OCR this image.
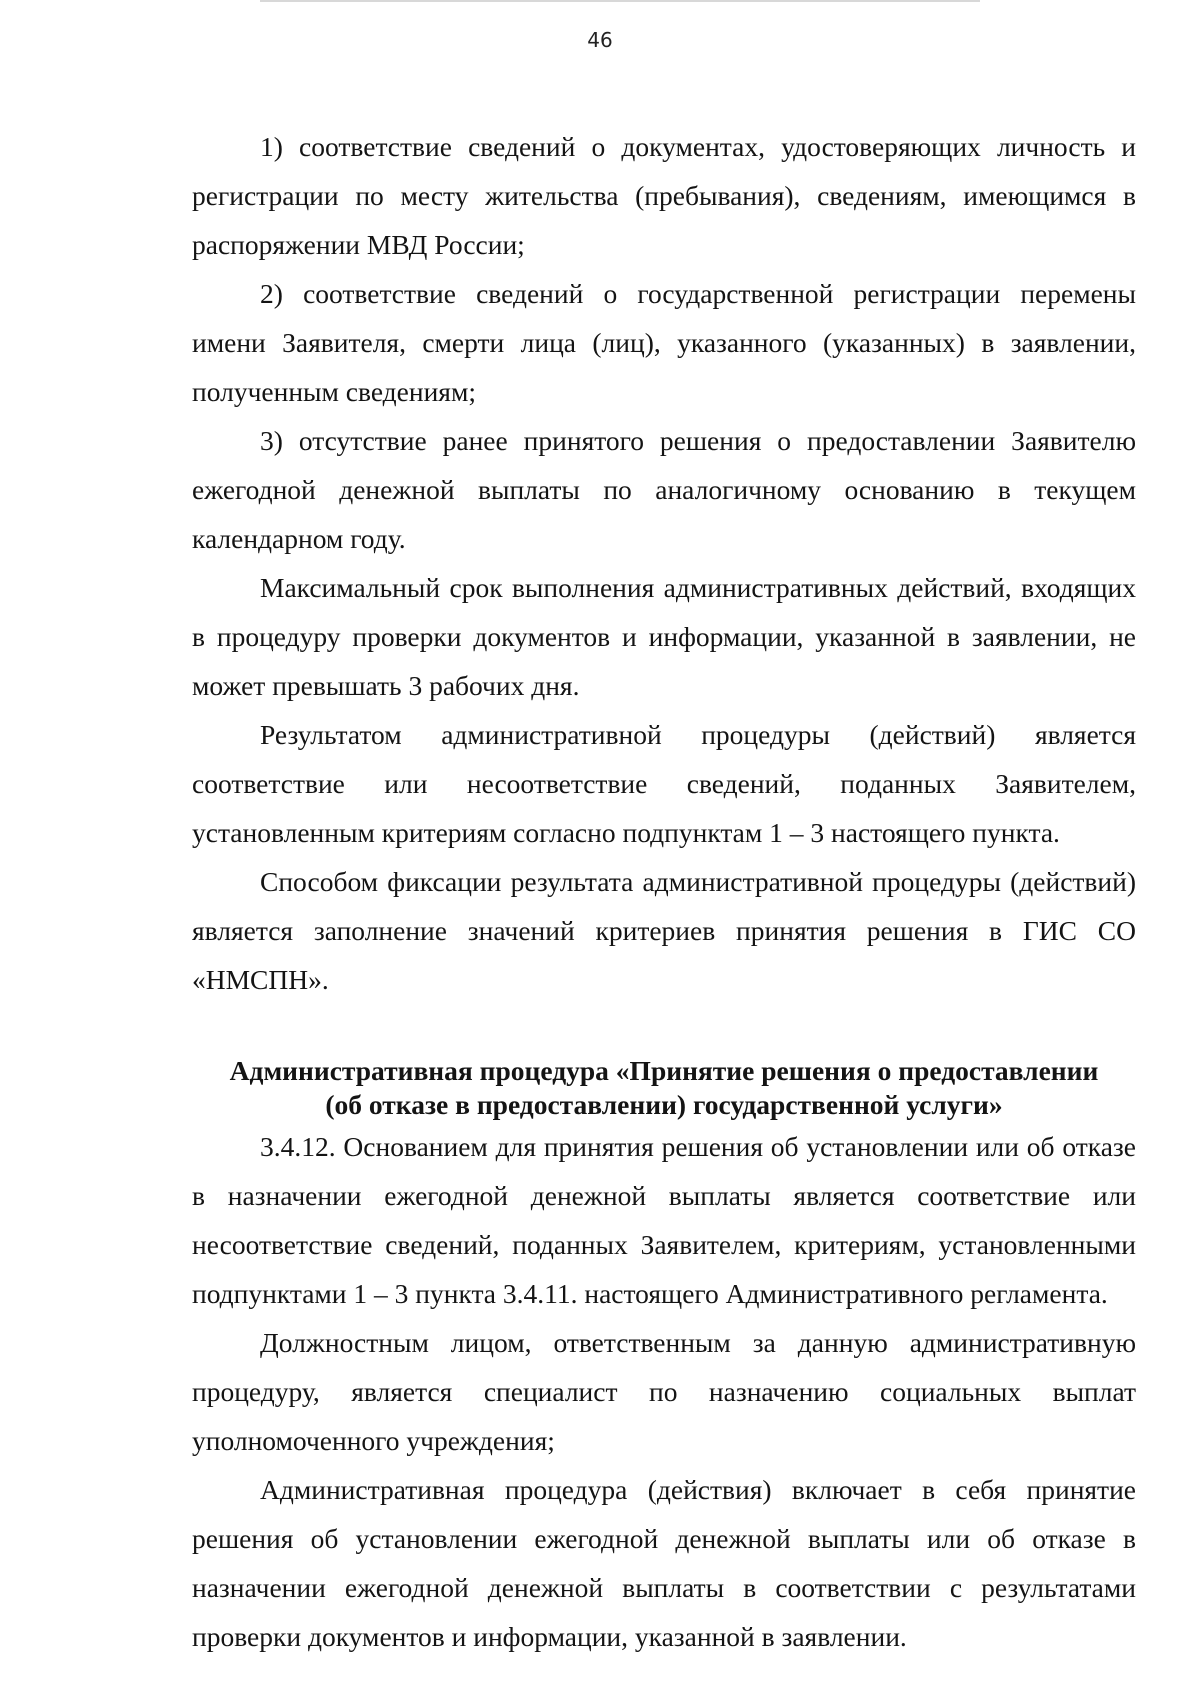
46

1) соответствие сведений о документах, удостоверяющих личность и регистрации по месту жительства (пребывания), сведениям, имеющимся в распоряжении МВД России;

2) соответствие сведений о государственной регистрации перемены имени Заявителя, смерти лица (лиц), указанного (указанных) в заявлении, полученным сведениям;

3) отсутствие ранее принятого решения о предоставлении Заявителю ежегодной денежной выплаты по аналогичному основанию в текущем календарном году.

Максимальный срок выполнения административных действий, входящих в процедуру проверки документов и информации, указанной в заявлении, не может превышать 3 рабочих дня.

Результатом административной процедуры (действий) является соответствие или несоответствие сведений, поданных Заявителем, установленным критериям согласно подпунктам 1 – 3 настоящего пункта.

Способом фиксации результата административной процедуры (действий) является заполнение значений критериев принятия решения в ГИС СО «НМСПН».

Административная процедура «Принятие решения о предоставлении
(об отказе в предоставлении) государственной услуги»

3.4.12. Основанием для принятия решения об установлении или об отказе в назначении ежегодной денежной выплаты является соответствие или несоответствие сведений, поданных Заявителем, критериям, установленными подпунктами 1 – 3 пункта 3.4.11. настоящего Административного регламента.

Должностным лицом, ответственным за данную административную процедуру, является специалист по назначению социальных выплат уполномоченного учреждения;

Административная процедура (действия) включает в себя принятие решения об установлении ежегодной денежной выплаты или об отказе в назначении ежегодной денежной выплаты в соответствии с результатами проверки документов и информации, указанной в заявлении.
